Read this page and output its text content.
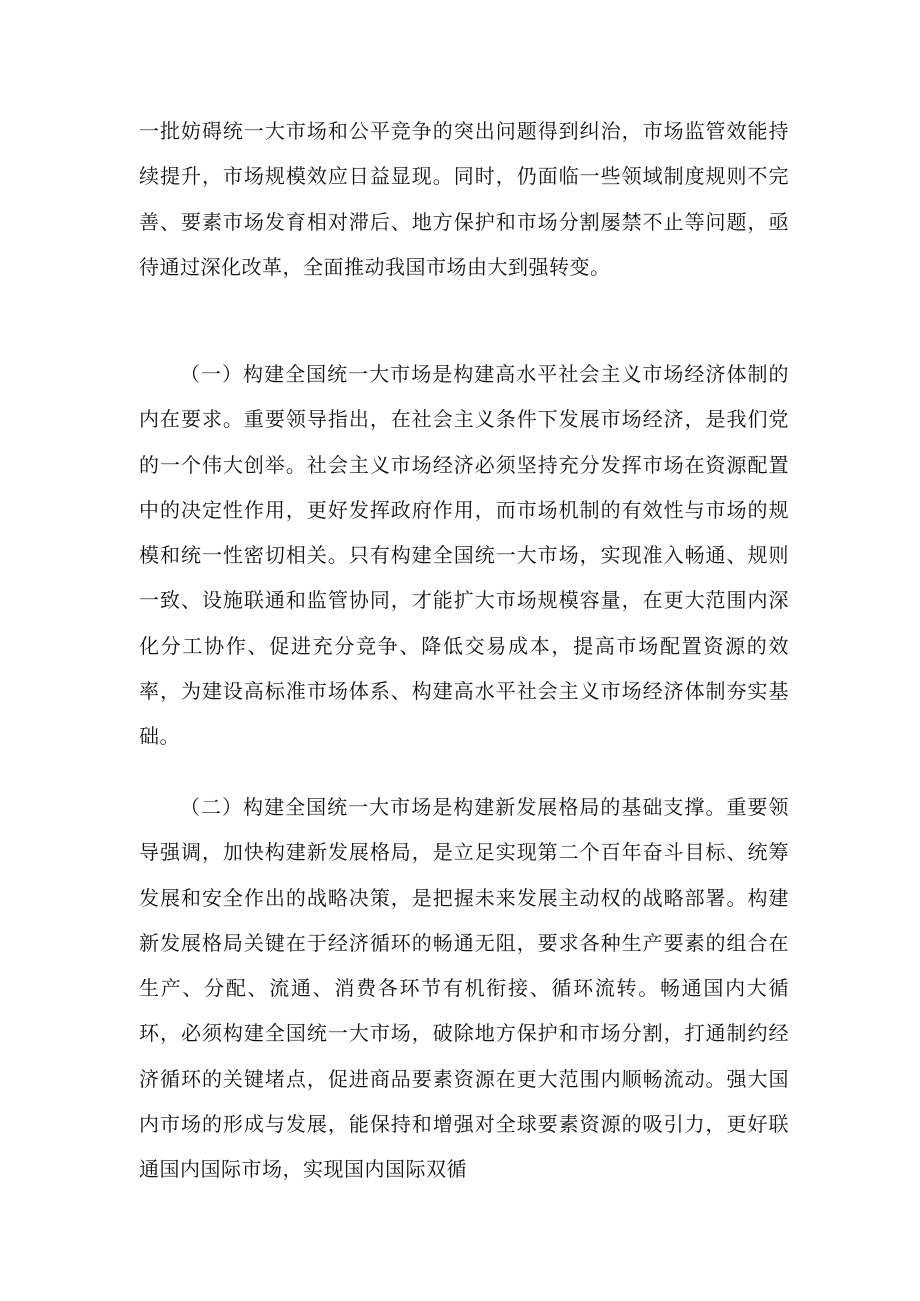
一批妨碍统一大市场和公平竞争的突出问题得到纠治，市场监管效能持续提升，市场规模效应日益显现。同时，仍面临一些领域制度规则不完善、要素市场发育相对滞后、地方保护和市场分割屡禁不止等问题，亟待通过深化改革，全面推动我国市场由大到强转变。

（一）构建全国统一大市场是构建高水平社会主义市场经济体制的内在要求。重要领导指出，在社会主义条件下发展市场经济，是我们党的一个伟大创举。社会主义市场经济必须坚持充分发挥市场在资源配置中的决定性作用，更好发挥政府作用，而市场机制的有效性与市场的规模和统一性密切相关。只有构建全国统一大市场，实现准入畅通、规则一致、设施联通和监管协同，才能扩大市场规模容量，在更大范围内深化分工协作、促进充分竞争、降低交易成本，提高市场配置资源的效率，为建设高标准市场体系、构建高水平社会主义市场经济体制夯实基础。

（二）构建全国统一大市场是构建新发展格局的基础支撑。重要领导强调，加快构建新发展格局，是立足实现第二个百年奋斗目标、统筹发展和安全作出的战略决策，是把握未来发展主动权的战略部署。构建新发展格局关键在于经济循环的畅通无阻，要求各种生产要素的组合在生产、分配、流通、消费各环节有机衔接、循环流转。畅通国内大循环，必须构建全国统一大市场，破除地方保护和市场分割，打通制约经济循环的关键堵点，促进商品要素资源在更大范围内顺畅流动。强大国内市场的形成与发展，能保持和增强对全球要素资源的吸引力，更好联通国内国际市场，实现国内国际双循
